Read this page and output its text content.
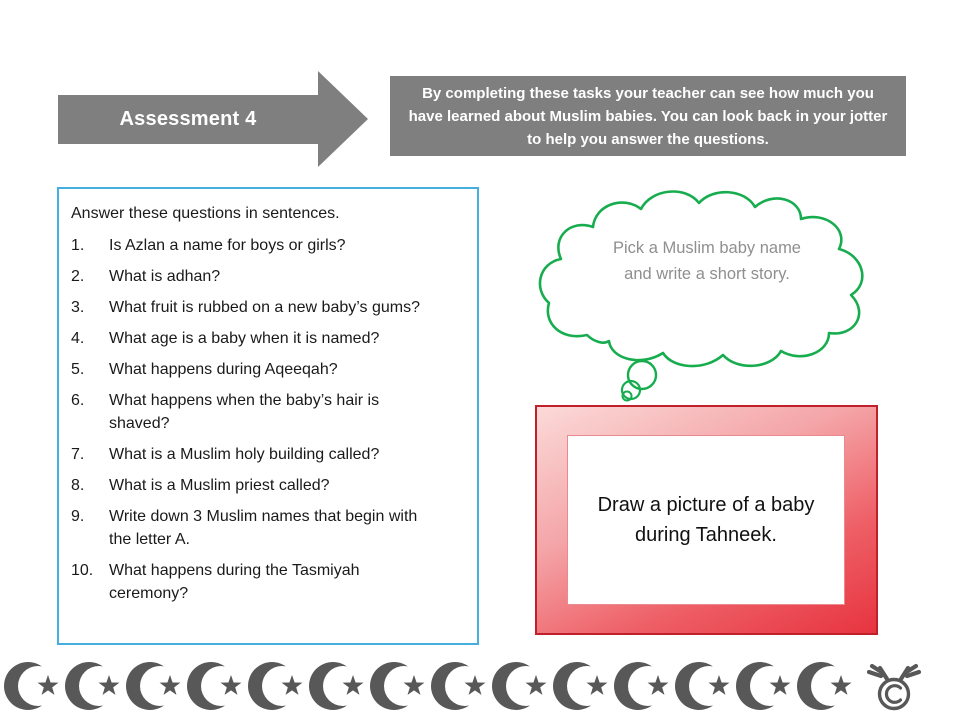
Assessment 4
By completing these tasks your teacher can see how much you have learned about Muslim babies. You can look back in your jotter to help you answer the questions.
Answer these questions in sentences.
1.	Is Azlan a name for boys or girls?
2.	What is adhan?
3.	What fruit is rubbed on a new baby’s gums?
4.	What age is a baby when it is named?
5.	What happens during Aqeeqah?
6.	What happens when the baby’s hair is shaved?
7.	What is a Muslim holy building called?
8.	What is a Muslim priest called?
9.	Write down 3 Muslim names that begin with the letter A.
10. What happens during the Tasmiyah ceremony?
Pick a Muslim baby name and write a short story.
Draw a picture of a baby during Tahneek.
